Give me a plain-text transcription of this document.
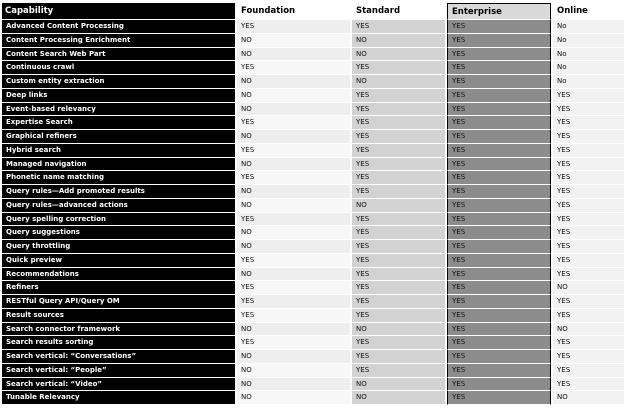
Capability	Foundation	Standard	Enterprise	Online
Advanced Content Processing	YES	YES	YES	No
Content Processing Enrichment	NO	NO	YES	No
Content Search Web Part	NO	NO	YES	No
Continuous crawl	YES	YES	YES	No
Custom entity extraction	NO	NO	YES	No
Deep links	NO	YES	YES	YES
Event-based relevancy	NO	YES	YES	YES
Expertise Search	YES	YES	YES	YES
Graphical refiners	NO	YES	YES	YES
Hybrid search	YES	YES	YES	YES
Managed navigation	NO	YES	YES	YES
Phonetic name matching	YES	YES	YES	YES
Query rules—Add promoted results	NO	YES	YES	YES
Query rules—advanced actions	NO	NO	YES	YES
Query spelling correction	YES	YES	YES	YES
Query suggestions	NO	YES	YES	YES
Query throttling	NO	YES	YES	YES
Quick preview	YES	YES	YES	YES
Recommendations	NO	YES	YES	YES
Refiners	YES	YES	YES	NO
RESTful Query API/Query OM	YES	YES	YES	YES
Result sources	YES	YES	YES	YES
Search connector framework	NO	NO	YES	NO
Search results sorting	YES	YES	YES	YES
Search vertical: “Conversations”	NO	YES	YES	YES
Search vertical: “People”	NO	YES	YES	YES
Search vertical: “Video”	NO	NO	YES	YES
Tunable Relevancy	NO	NO	YES	NO
